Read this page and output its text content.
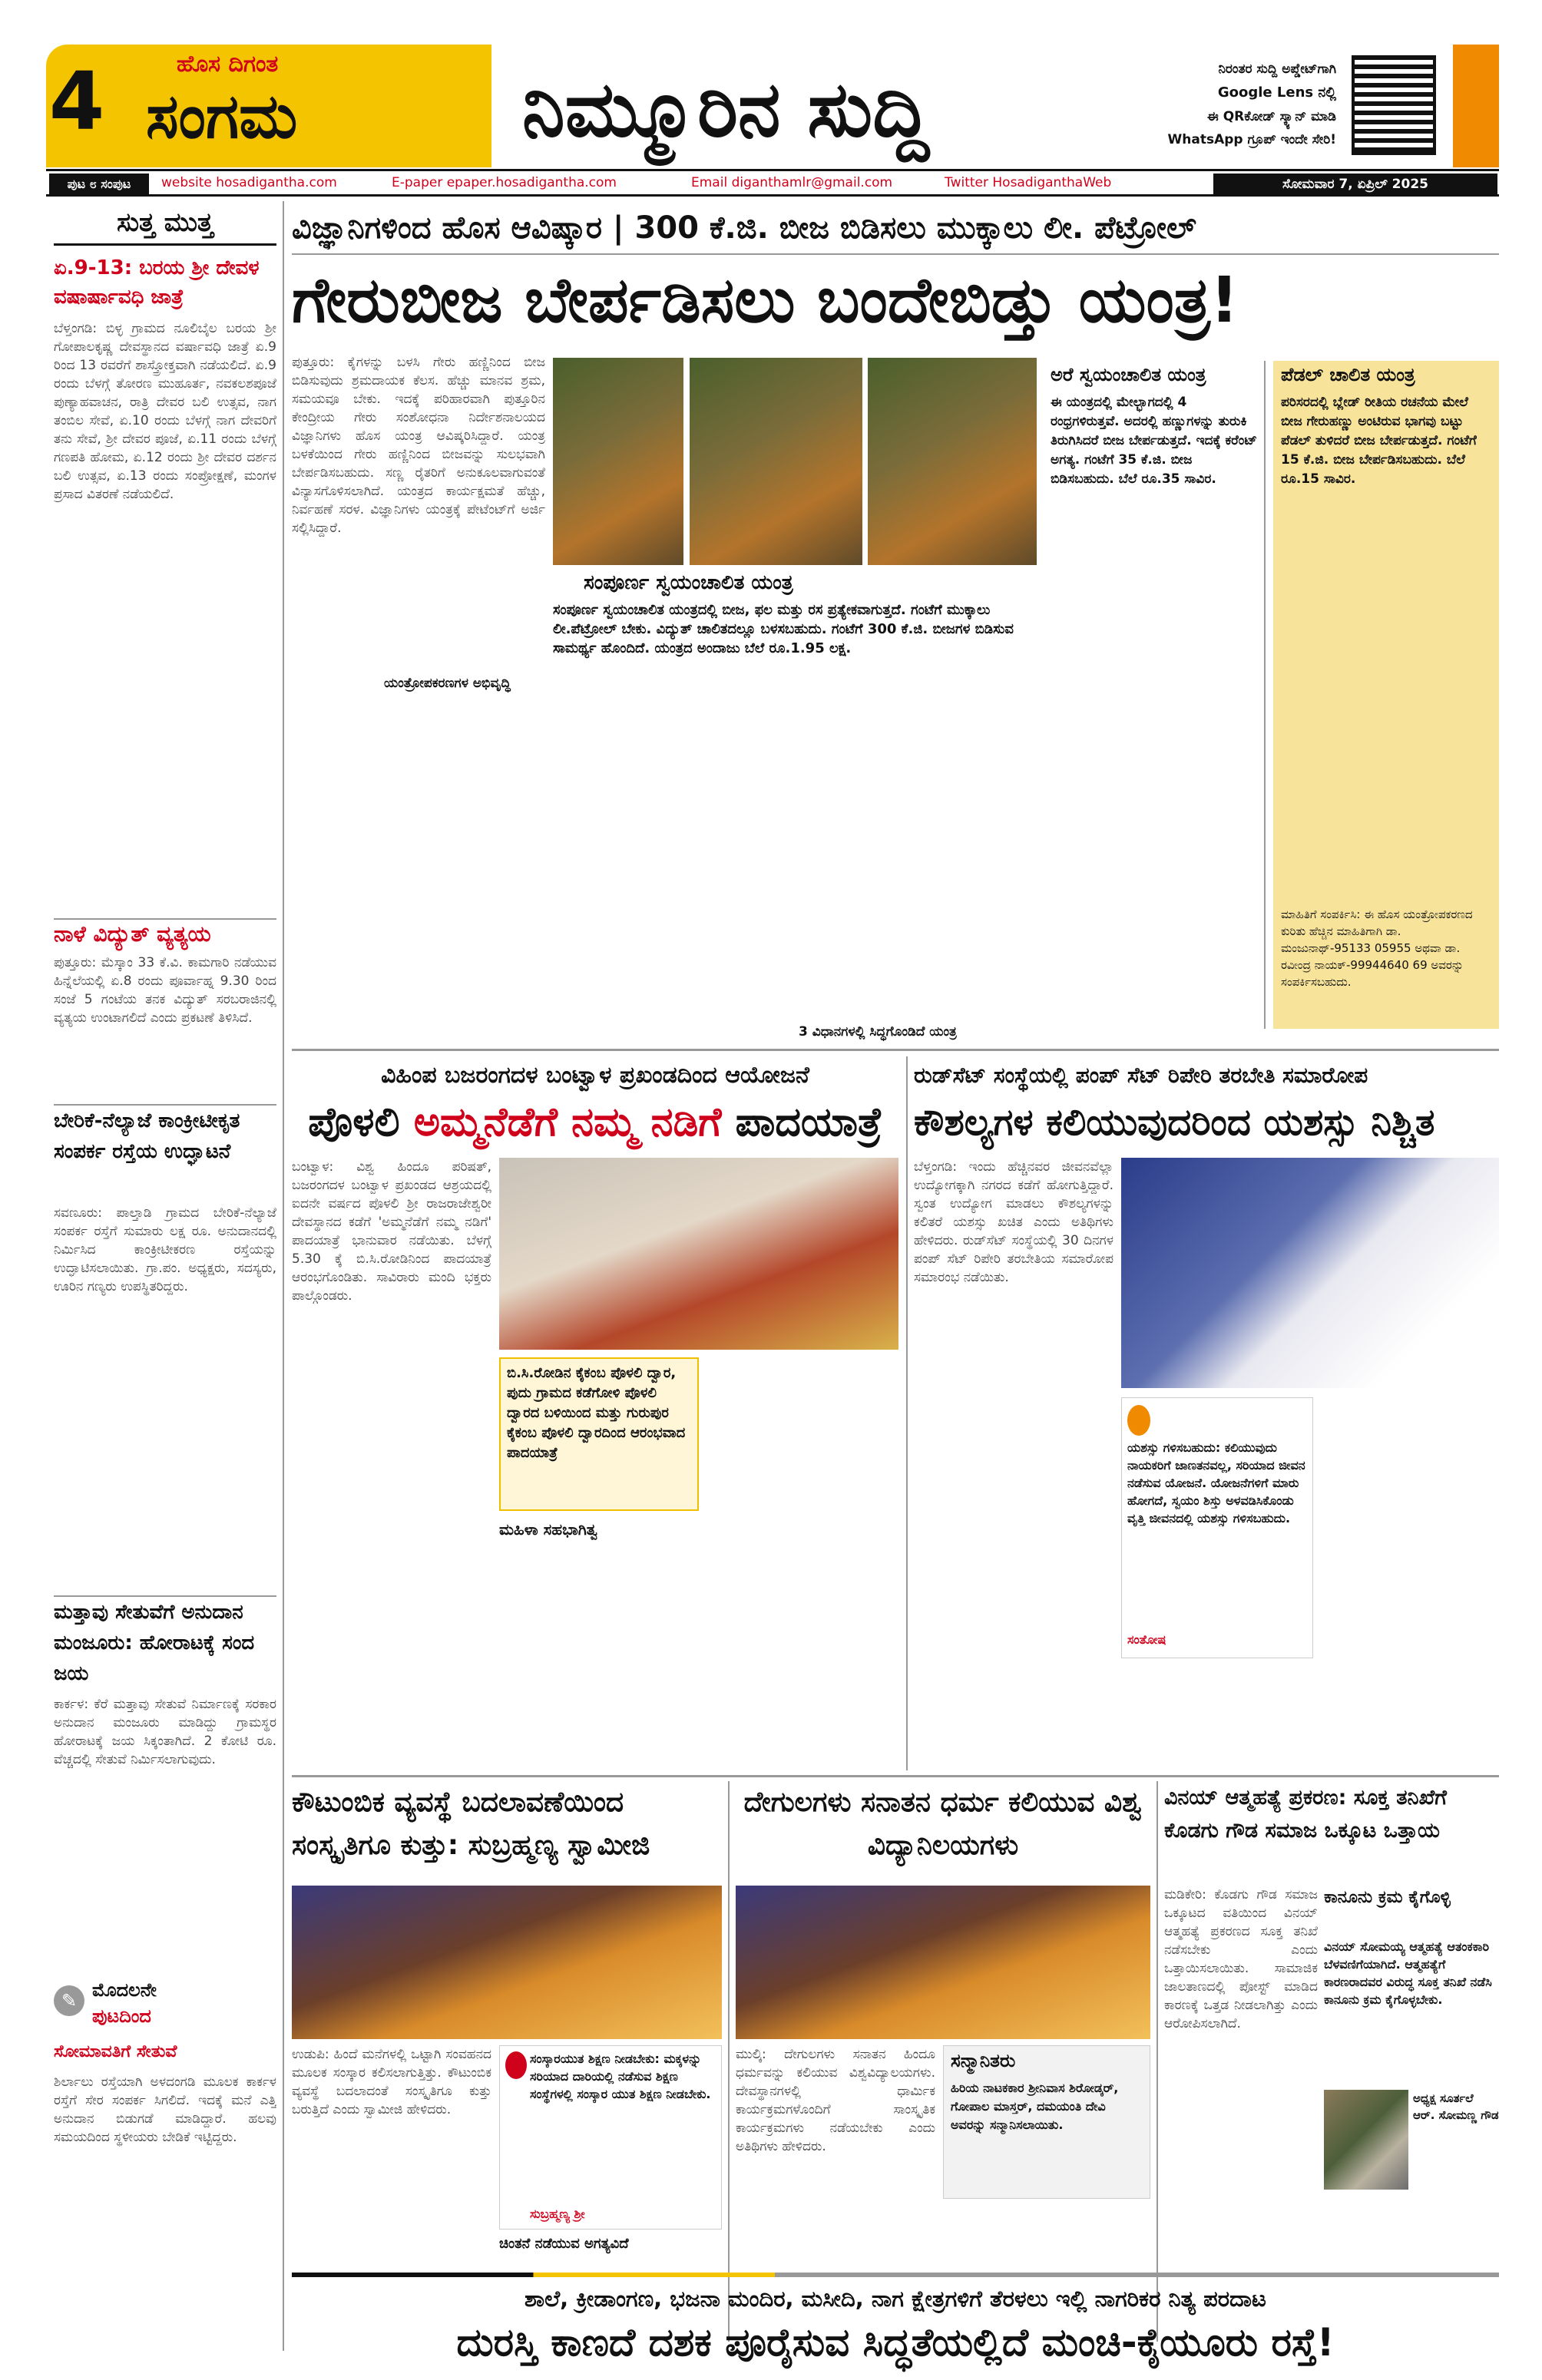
4	ಹೊಸ ದಿಗಂತ
ಸಂಗಮ	ನಿಮ್ಮೂರಿನ ಸುದ್ದಿ	ನಿರಂತರ ಸುದ್ದಿ ಅಪ್ಡೇಟ್‌ಗಾಗಿ
Google Lens ನಲ್ಲಿ
ಈ QRಕೋಡ್ ಸ್ಕ್ಯಾನ್ ಮಾಡಿ
WhatsApp ಗ್ರೂಪ್ ಇಂದೇ ಸೇರಿ!
ಪುಟ ೮ ಸಂಪುಟ	website hosadigantha.com	E-paper epaper.hosadigantha.com	Email diganthamlr@gmail.com	Twitter HosadiganthaWeb	ಸೋಮವಾರ 7, ಏಪ್ರಿಲ್ 2025
ಸುತ್ತ ಮುತ್ತ
ಏ.9-13: ಬರಯ ಶ್ರೀ ದೇವಳ ವಷಾರ್ಷಾವಧಿ ಜಾತ್ರೆ
ಬೆಳ್ತಂಗಡಿ: ಬಿಳ್ಳ ಗ್ರಾಮದ ನೂಲಿಬೈಲ ಬರಯ ಶ್ರೀ ಗೋಪಾಲಕೃಷ್ಣ ದೇವಸ್ಥಾನದ ವರ್ಷಾವಧಿ ಜಾತ್ರೆ ಏ.9 ರಿಂದ 13 ರವರೆಗೆ ಶಾಸ್ತ್ರೋಕ್ತವಾಗಿ ನಡೆಯಲಿದೆ. ಏ.9 ರಂದು ಬೆಳಗ್ಗೆ ತೋರಣ ಮುಹೂರ್ತ, ನವಕಲಶಪೂಜೆ ಪುಣ್ಯಾಹವಾಚನ, ರಾತ್ರಿ ದೇವರ ಬಲಿ ಉತ್ಸವ, ನಾಗ ತಂಬಿಲ ಸೇವೆ, ಏ.10 ರಂದು ಬೆಳಗ್ಗೆ ನಾಗ ದೇವರಿಗೆ ತನು ಸೇವೆ, ಶ್ರೀ ದೇವರ ಪೂಜೆ, ಏ.11 ರಂದು ಬೆಳಗ್ಗೆ ಗಣಪತಿ ಹೋಮ, ಏ.12 ರಂದು ಶ್ರೀ ದೇವರ ದರ್ಶನ ಬಲಿ ಉತ್ಸವ, ಏ.13 ರಂದು ಸಂಪ್ರೋಕ್ಷಣೆ, ಮಂಗಳ ಪ್ರಸಾದ ವಿತರಣೆ ನಡೆಯಲಿದೆ.
ನಾಳೆ ವಿದ್ಯುತ್ ವ್ಯತ್ಯಯ
ಪುತ್ತೂರು: ಮೆಸ್ಕಾಂ 33 ಕೆ.ವಿ. ಕಾಮಗಾರಿ ನಡೆಯುವ ಹಿನ್ನೆಲೆಯಲ್ಲಿ ಏ.8 ರಂದು ಪೂರ್ವಾಹ್ನ 9.30 ರಿಂದ ಸಂಜೆ 5 ಗಂಟೆಯ ತನಕ ವಿದ್ಯುತ್ ಸರಬರಾಜಿನಲ್ಲಿ ವ್ಯತ್ಯಯ ಉಂಟಾಗಲಿದೆ ಎಂದು ಪ್ರಕಟಣೆ ತಿಳಿಸಿದೆ.
ಬೇರಿಕೆ-ನೆಲ್ಯಾಜೆ ಕಾಂಕ್ರೀಟೀಕೃತ ಸಂಪರ್ಕ ರಸ್ತೆಯ ಉದ್ಘಾಟನೆ
ಸವಣೂರು: ಪಾಲ್ತಾಡಿ ಗ್ರಾಮದ ಬೇರಿಕೆ-ನೆಲ್ಯಾಜೆ ಸಂಪರ್ಕ ರಸ್ತೆಗೆ ಸುಮಾರು ಲಕ್ಷ ರೂ. ಅನುದಾನದಲ್ಲಿ ನಿರ್ಮಿಸಿದ ಕಾಂಕ್ರೀಟೀಕರಣ ರಸ್ತೆಯನ್ನು ಉದ್ಘಾಟಿಸಲಾಯಿತು. ಗ್ರಾ.ಪಂ. ಅಧ್ಯಕ್ಷರು, ಸದಸ್ಯರು, ಊರಿನ ಗಣ್ಯರು ಉಪಸ್ಥಿತರಿದ್ದರು.
ಮತ್ತಾವು ಸೇತುವೆಗೆ ಅನುದಾನ ಮಂಜೂರು: ಹೋರಾಟಕ್ಕೆ ಸಂದ ಜಯ
ಕಾರ್ಕಳ: ಕೆರೆ ಮತ್ತಾವು ಸೇತುವೆ ನಿರ್ಮಾಣಕ್ಕೆ ಸರಕಾರ ಅನುದಾನ ಮಂಜೂರು ಮಾಡಿದ್ದು ಗ್ರಾಮಸ್ಥರ ಹೋರಾಟಕ್ಕೆ ಜಯ ಸಿಕ್ಕಂತಾಗಿದೆ. 2 ಕೋಟಿ ರೂ. ವೆಚ್ಚದಲ್ಲಿ ಸೇತುವೆ ನಿರ್ಮಿಸಲಾಗುವುದು.
✎ ಮೊದಲನೇ
ಪುಟದಿಂದ
ಸೋಮಾವತಿಗೆ ಸೇತುವೆ
ಶಿರ್ಲಾಲು ರಸ್ತೆಯಾಗಿ ಅಳದಂಗಡಿ ಮೂಲಕ ಕಾರ್ಕಳ ರಸ್ತೆಗೆ ಸೇರ ಸಂಪರ್ಕ ಸಿಗಲಿದೆ. ಇದಕ್ಕೆ ಮನೆ ಎತ್ತಿ ಅನುದಾನ ಬಿಡುಗಡೆ ಮಾಡಿದ್ದಾರೆ. ಹಲವು ಸಮಯದಿಂದ ಸ್ಥಳೀಯರು ಬೇಡಿಕೆ ಇಟ್ಟಿದ್ದರು.
ವಿಜ್ಞಾನಿಗಳಿಂದ ಹೊಸ ಆವಿಷ್ಕಾರ | 300 ಕೆ.ಜಿ. ಬೀಜ ಬಿಡಿಸಲು ಮುಕ್ಕಾಲು ಲೀ. ಪೆಟ್ರೋಲ್
ಗೇರುಬೀಜ ಬೇರ್ಪಡಿಸಲು ಬಂದೇಬಿಡ್ತು ಯಂತ್ರ!
ಪುತ್ತೂರು: ಕೈಗಳನ್ನು ಬಳಸಿ ಗೇರು ಹಣ್ಣಿನಿಂದ ಬೀಜ ಬಿಡಿಸುವುದು ಶ್ರಮದಾಯಕ ಕೆಲಸ. ಹೆಚ್ಚು ಮಾನವ ಶ್ರಮ, ಸಮಯವೂ ಬೇಕು. ಇದಕ್ಕೆ ಪರಿಹಾರವಾಗಿ ಪುತ್ತೂರಿನ ಕೇಂದ್ರೀಯ ಗೇರು ಸಂಶೋಧನಾ ನಿರ್ದೇಶನಾಲಯದ ವಿಜ್ಞಾನಿಗಳು ಹೊಸ ಯಂತ್ರ ಆವಿಷ್ಕರಿಸಿದ್ದಾರೆ. ಯಂತ್ರ ಬಳಕೆಯಿಂದ ಗೇರು ಹಣ್ಣಿನಿಂದ ಬೀಜವನ್ನು ಸುಲಭವಾಗಿ ಬೇರ್ಪಡಿಸಬಹುದು. ಸಣ್ಣ ರೈತರಿಗೆ ಅನುಕೂಲವಾಗುವಂತೆ ವಿನ್ಯಾಸಗೊಳಿಸಲಾಗಿದೆ. ಯಂತ್ರದ ಕಾರ್ಯಕ್ಷಮತೆ ಹೆಚ್ಚು, ನಿರ್ವಹಣೆ ಸರಳ. ವಿಜ್ಞಾನಿಗಳು ಯಂತ್ರಕ್ಕೆ ಪೇಟೆಂಟ್‌ಗೆ ಅರ್ಜಿ ಸಲ್ಲಿಸಿದ್ದಾರೆ.
ಯಂತ್ರೋಪಕರಣಗಳ ಅಭಿವೃದ್ಧಿ
ಸಂಪೂರ್ಣ ಸ್ವಯಂಚಾಲಿತ ಯಂತ್ರ
ಸಂಪೂರ್ಣ ಸ್ವಯಂಚಾಲಿತ ಯಂತ್ರದಲ್ಲಿ ಬೀಜ, ಫಲ ಮತ್ತು ರಸ ಪ್ರತ್ಯೇಕವಾಗುತ್ತದೆ. ಗಂಟೆಗೆ ಮುಕ್ಕಾಲು ಲೀ.ಪೆಟ್ರೋಲ್ ಬೇಕು. ವಿದ್ಯುತ್ ಚಾಲಿತದಲ್ಲೂ ಬಳಸಬಹುದು. ಗಂಟೆಗೆ 300 ಕೆ.ಜಿ. ಬೀಜಗಳ ಬಿಡಿಸುವ ಸಾಮರ್ಥ್ಯ ಹೊಂದಿದೆ. ಯಂತ್ರದ ಅಂದಾಜು ಬೆಲೆ ರೂ.1.95 ಲಕ್ಷ.
3 ವಿಧಾನಗಳಲ್ಲಿ ಸಿದ್ಧಗೊಂಡಿದೆ ಯಂತ್ರ
ಅರೆ ಸ್ವಯಂಚಾಲಿತ ಯಂತ್ರ
ಈ ಯಂತ್ರದಲ್ಲಿ ಮೇಲ್ಭಾಗದಲ್ಲಿ 4 ರಂಧ್ರಗಳಿರುತ್ತವೆ. ಅದರಲ್ಲಿ ಹಣ್ಣುಗಳನ್ನು ತುರುಕಿ ತಿರುಗಿಸಿದರೆ ಬೀಜ ಬೇರ್ಪಡುತ್ತದೆ. ಇದಕ್ಕೆ ಕರೆಂಟ್ ಅಗತ್ಯ. ಗಂಟೆಗೆ 35 ಕೆ.ಜಿ. ಬೀಜ ಬಿಡಿಸಬಹುದು. ಬೆಲೆ ರೂ.35 ಸಾವಿರ.
ಪೆಡಲ್ ಚಾಲಿತ ಯಂತ್ರ
ಪರಿಸರದಲ್ಲಿ ಬ್ಲೇಡ್ ರೀತಿಯ ರಚನೆಯ ಮೇಲೆ ಬೀಜ ಗೇರುಹಣ್ಣು ಅಂಟಿರುವ ಭಾಗವು ಬಟ್ಟು ಪೆಡಲ್ ತುಳಿದರೆ ಬೀಜ ಬೇರ್ಪಡುತ್ತದೆ. ಗಂಟೆಗೆ 15 ಕೆ.ಜಿ. ಬೀಜ ಬೇರ್ಪಡಿಸಬಹುದು. ಬೆಲೆ ರೂ.15 ಸಾವಿರ.
ಮಾಹಿತಿಗೆ ಸಂಪರ್ಕಿಸಿ: ಈ ಹೊಸ ಯಂತ್ರೋಪಕರಣದ ಕುರಿತು ಹೆಚ್ಚಿನ ಮಾಹಿತಿಗಾಗಿ ಡಾ. ಮಂಜುನಾಥ್-95133 05955 ಅಥವಾ ಡಾ. ರವೀಂದ್ರ ನಾಯಕ್-99944640 69 ಅವರನ್ನು ಸಂಪರ್ಕಿಸಬಹುದು.
ವಿಹಿಂಪ ಬಜರಂಗದಳ ಬಂಟ್ವಾಳ ಪ್ರಖಂಡದಿಂದ ಆಯೋಜನೆ
ಪೊಳಲಿ ಅಮ್ಮನೆಡೆಗೆ ನಮ್ಮ ನಡಿಗೆ ಪಾದಯಾತ್ರೆ
ಬಂಟ್ವಾಳ: ವಿಶ್ವ ಹಿಂದೂ ಪರಿಷತ್, ಬಜರಂಗದಳ ಬಂಟ್ವಾಳ ಪ್ರಖಂಡದ ಆಶ್ರಯದಲ್ಲಿ ಐದನೇ ವರ್ಷದ ಪೊಳಲಿ ಶ್ರೀ ರಾಜರಾಜೇಶ್ವರೀ ದೇವಸ್ಥಾನದ ಕಡೆಗೆ 'ಅಮ್ಮನೆಡೆಗೆ ನಮ್ಮ ನಡಿಗೆ' ಪಾದಯಾತ್ರೆ ಭಾನುವಾರ ನಡೆಯಿತು. ಬೆಳಗ್ಗೆ 5.30 ಕ್ಕೆ ಬಿ.ಸಿ.ರೋಡಿನಿಂದ ಪಾದಯಾತ್ರೆ ಆರಂಭಗೊಂಡಿತು. ಸಾವಿರಾರು ಮಂದಿ ಭಕ್ತರು ಪಾಲ್ಗೊಂಡರು.
ಬಿ.ಸಿ.ರೋಡಿನ ಕೈಕಂಬ ಪೊಳಲಿ ದ್ವಾರ, ಪುದು ಗ್ರಾಮದ ಕಡೆಗೋಳಿ ಪೊಳಲಿ ದ್ವಾರದ ಬಳಿಯಿಂದ ಮತ್ತು ಗುರುಪುರ ಕೈಕಂಬ ಪೊಳಲಿ ದ್ವಾರದಿಂದ ಆರಂಭವಾದ ಪಾದಯಾತ್ರೆ
ಮಹಿಳಾ ಸಹಭಾಗಿತ್ವ
ರುಡ್‌ಸೆಟ್ ಸಂಸ್ಥೆಯಲ್ಲಿ ಪಂಪ್ ಸೆಟ್ ರಿಪೇರಿ ತರಬೇತಿ ಸಮಾರೋಪ
ಕೌಶಲ್ಯಗಳ ಕಲಿಯುವುದರಿಂದ ಯಶಸ್ಸು ನಿಶ್ಚಿತ
ಬೆಳ್ತಂಗಡಿ: ಇಂದು ಹೆಚ್ಚಿನವರ ಜೀವನವೆಲ್ಲಾ ಉದ್ಯೋಗಕ್ಕಾಗಿ ನಗರದ ಕಡೆಗೆ ಹೋಗುತ್ತಿದ್ದಾರೆ. ಸ್ವಂತ ಉದ್ಯೋಗ ಮಾಡಲು ಕೌಶಲ್ಯಗಳನ್ನು ಕಲಿತರೆ ಯಶಸ್ಸು ಖಚಿತ ಎಂದು ಅತಿಥಿಗಳು ಹೇಳಿದರು. ರುಡ್‌ಸೆಟ್ ಸಂಸ್ಥೆಯಲ್ಲಿ 30 ದಿನಗಳ ಪಂಪ್ ಸೆಟ್ ರಿಪೇರಿ ತರಬೇತಿಯ ಸಮಾರೋಪ ಸಮಾರಂಭ ನಡೆಯಿತು.
ಯಶಸ್ಸು ಗಳಿಸಬಹುದು: ಕಲಿಯುವುದು ನಾಯಕರಿಗೆ ಜಾಣತನವಲ್ಲ, ಸರಿಯಾದ ಜೀವನ ನಡೆಸುವ ಯೋಜನೆ. ಯೋಜನೆಗಳಿಗೆ ಮಾರು ಹೋಗದೆ, ಸ್ವಯಂ ಶಿಸ್ತು ಅಳವಡಿಸಿಕೊಂಡು ವೃತ್ತಿ ಜೀವನದಲ್ಲಿ ಯಶಸ್ಸು ಗಳಿಸಬಹುದು.
ಸಂತೋಷ
ಕೌಟುಂಬಿಕ ವ್ಯವಸ್ಥೆ ಬದಲಾವಣೆಯಿಂದ ಸಂಸ್ಕೃತಿಗೂ ಕುತ್ತು: ಸುಬ್ರಹ್ಮಣ್ಯ ಸ್ವಾಮೀಜಿ
ಉಡುಪಿ: ಹಿಂದೆ ಮನೆಗಳಲ್ಲಿ ಒಟ್ಟಾಗಿ ಸಂವಹನದ ಮೂಲಕ ಸಂಸ್ಕಾರ ಕಲಿಸಲಾಗುತ್ತಿತ್ತು. ಕೌಟುಂಬಿಕ ವ್ಯವಸ್ಥೆ ಬದಲಾದಂತೆ ಸಂಸ್ಕೃತಿಗೂ ಕುತ್ತು ಬರುತ್ತಿದೆ ಎಂದು ಸ್ವಾಮೀಜಿ ಹೇಳಿದರು.
ಸಂಸ್ಕಾರಯುತ ಶಿಕ್ಷಣ ನೀಡಬೇಕು: ಮಕ್ಕಳನ್ನು ಸರಿಯಾದ ದಾರಿಯಲ್ಲಿ ನಡೆಸುವ ಶಿಕ್ಷಣ ಸಂಸ್ಥೆಗಳಲ್ಲಿ ಸಂಸ್ಕಾರ ಯುತ ಶಿಕ್ಷಣ ನೀಡಬೇಕು.
ಸುಬ್ರಹ್ಮಣ್ಯ ಶ್ರೀ
ಚಿಂತನೆ ನಡೆಯುವ ಅಗತ್ಯವಿದೆ
ದೇಗುಲಗಳು ಸನಾತನ ಧರ್ಮ ಕಲಿಯುವ ವಿಶ್ವ ವಿದ್ಯಾನಿಲಯಗಳು
ಮುಲ್ಕಿ: ದೇಗುಲಗಳು ಸನಾತನ ಹಿಂದೂ ಧರ್ಮವನ್ನು ಕಲಿಯುವ ವಿಶ್ವವಿದ್ಯಾಲಯಗಳು. ದೇವಸ್ಥಾನಗಳಲ್ಲಿ ಧಾರ್ಮಿಕ ಕಾರ್ಯಕ್ರಮಗಳೊಂದಿಗೆ ಸಾಂಸ್ಕೃತಿಕ ಕಾರ್ಯಕ್ರಮಗಳು ನಡೆಯಬೇಕು ಎಂದು ಅತಿಥಿಗಳು ಹೇಳಿದರು.
ಸನ್ಮಾನಿತರು
ಹಿರಿಯ ನಾಟಕಕಾರ ಶ್ರೀನಿವಾಸ ಶಿರೋಡ್ಕರ್, ಗೋಪಾಲ ಮಾಸ್ತರ್, ದಮಯಂತಿ ದೇವಿ ಅವರನ್ನು ಸನ್ಮಾನಿಸಲಾಯಿತು.
ವಿನಯ್ ಆತ್ಮಹತ್ಯೆ ಪ್ರಕರಣ: ಸೂಕ್ತ ತನಿಖೆಗೆ ಕೊಡಗು ಗೌಡ ಸಮಾಜ ಒಕ್ಕೂಟ ಒತ್ತಾಯ
ಮಡಿಕೇರಿ: ಕೊಡಗು ಗೌಡ ಸಮಾಜ ಒಕ್ಕೂಟದ ವತಿಯಿಂದ ವಿನಯ್ ಆತ್ಮಹತ್ಯೆ ಪ್ರಕರಣದ ಸೂಕ್ತ ತನಿಖೆ ನಡೆಸಬೇಕು ಎಂದು ಒತ್ತಾಯಿಸಲಾಯಿತು. ಸಾಮಾಜಿಕ ಜಾಲತಾಣದಲ್ಲಿ ಪೋಸ್ಟ್ ಮಾಡಿದ ಕಾರಣಕ್ಕೆ ಒತ್ತಡ ನೀಡಲಾಗಿತ್ತು ಎಂದು ಆರೋಪಿಸಲಾಗಿದೆ.
ಕಾನೂನು ಕ್ರಮ ಕೈಗೊಳ್ಳಿ
ವಿನಯ್ ಸೋಮಯ್ಯ ಆತ್ಮಹತ್ಯೆ ಆತಂಕಕಾರಿ ಬೆಳವಣಿಗೆಯಾಗಿದೆ. ಆತ್ಮಹತ್ಯೆಗೆ ಕಾರಣರಾದವರ ವಿರುದ್ಧ ಸೂಕ್ತ ತನಿಖೆ ನಡೆಸಿ ಕಾನೂನು ಕ್ರಮ ಕೈಗೊಳ್ಳಬೇಕು.
ಅಧ್ಯಕ್ಷ ಸೂರ್ತಲೆ ಆರ್. ಸೋಮಣ್ಣ ಗೌಡ
ಶಾಲೆ, ಕ್ರೀಡಾಂಗಣ, ಭಜನಾ ಮಂದಿರ, ಮಸೀದಿ, ನಾಗ ಕ್ಷೇತ್ರಗಳಿಗೆ ತೆರಳಲು ಇಲ್ಲಿ ನಾಗರಿಕರ ನಿತ್ಯ ಪರದಾಟ
ದುರಸ್ತಿ ಕಾಣದೆ ದಶಕ ಪೂರೈಸುವ ಸಿದ್ಧತೆಯಲ್ಲಿದೆ ಮಂಚಿ-ಕೈಯೂರು ರಸ್ತೆ!
